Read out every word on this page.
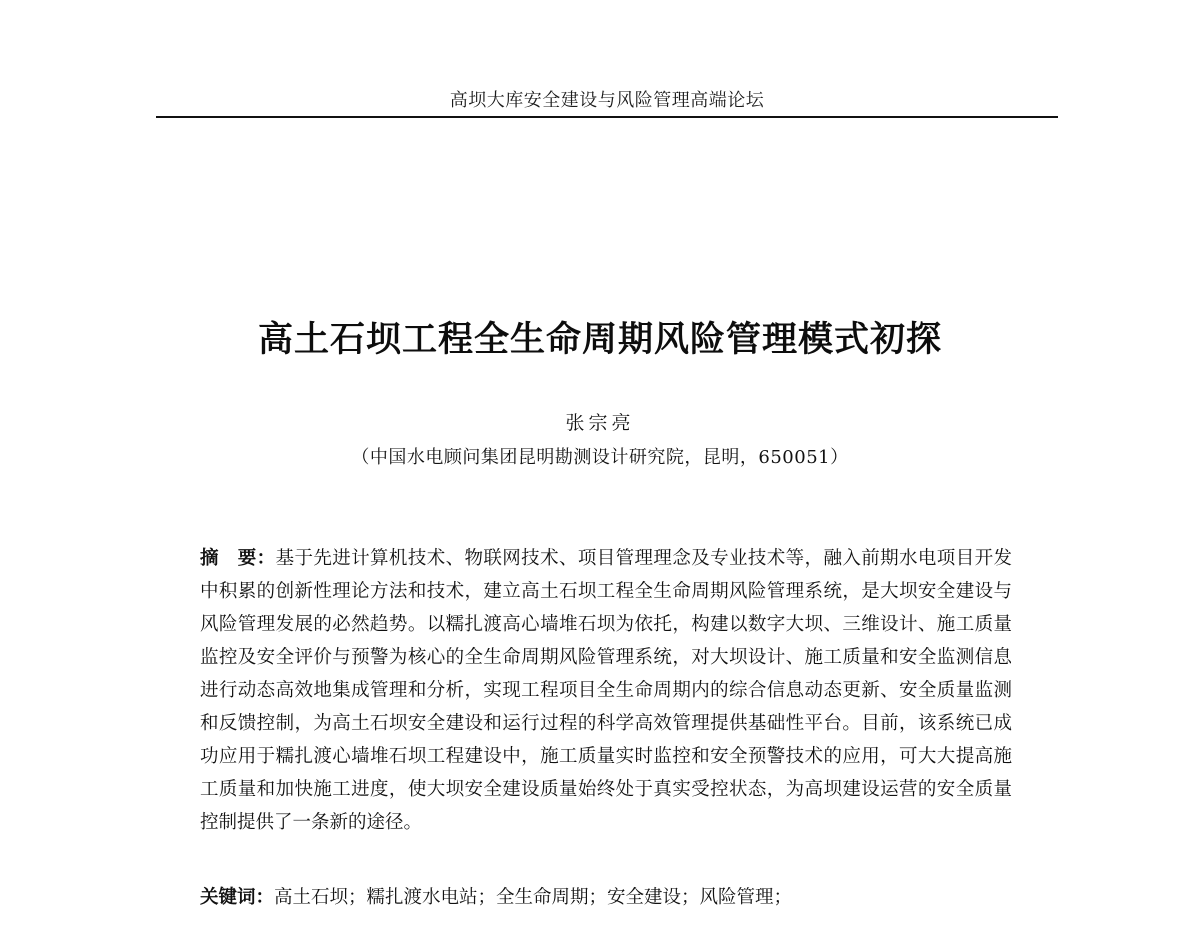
高坝大库安全建设与风险管理高端论坛
高土石坝工程全生命周期风险管理模式初探
张宗亮
（中国水电顾问集团昆明勘测设计研究院，昆明，650051）

摘　要：基于先进计算机技术、物联网技术、项目管理理念及专业技术等，融入前期水电项目开发中积累的创新性理论方法和技术，建立高土石坝工程全生命周期风险管理系统，是大坝安全建设与风险管理发展的必然趋势。以糯扎渡高心墙堆石坝为依托，构建以数字大坝、三维设计、施工质量监控及安全评价与预警为核心的全生命周期风险管理系统，对大坝设计、施工质量和安全监测信息进行动态高效地集成管理和分析，实现工程项目全生命周期内的综合信息动态更新、安全质量监测和反馈控制，为高土石坝安全建设和运行过程的科学高效管理提供基础性平台。目前，该系统已成功应用于糯扎渡心墙堆石坝工程建设中，施工质量实时监控和安全预警技术的应用，可大大提高施工质量和加快施工进度，使大坝安全建设质量始终处于真实受控状态，为高坝建设运营的安全质量控制提供了一条新的途径。

关键词：高土石坝；糯扎渡水电站；全生命周期；安全建设；风险管理；
